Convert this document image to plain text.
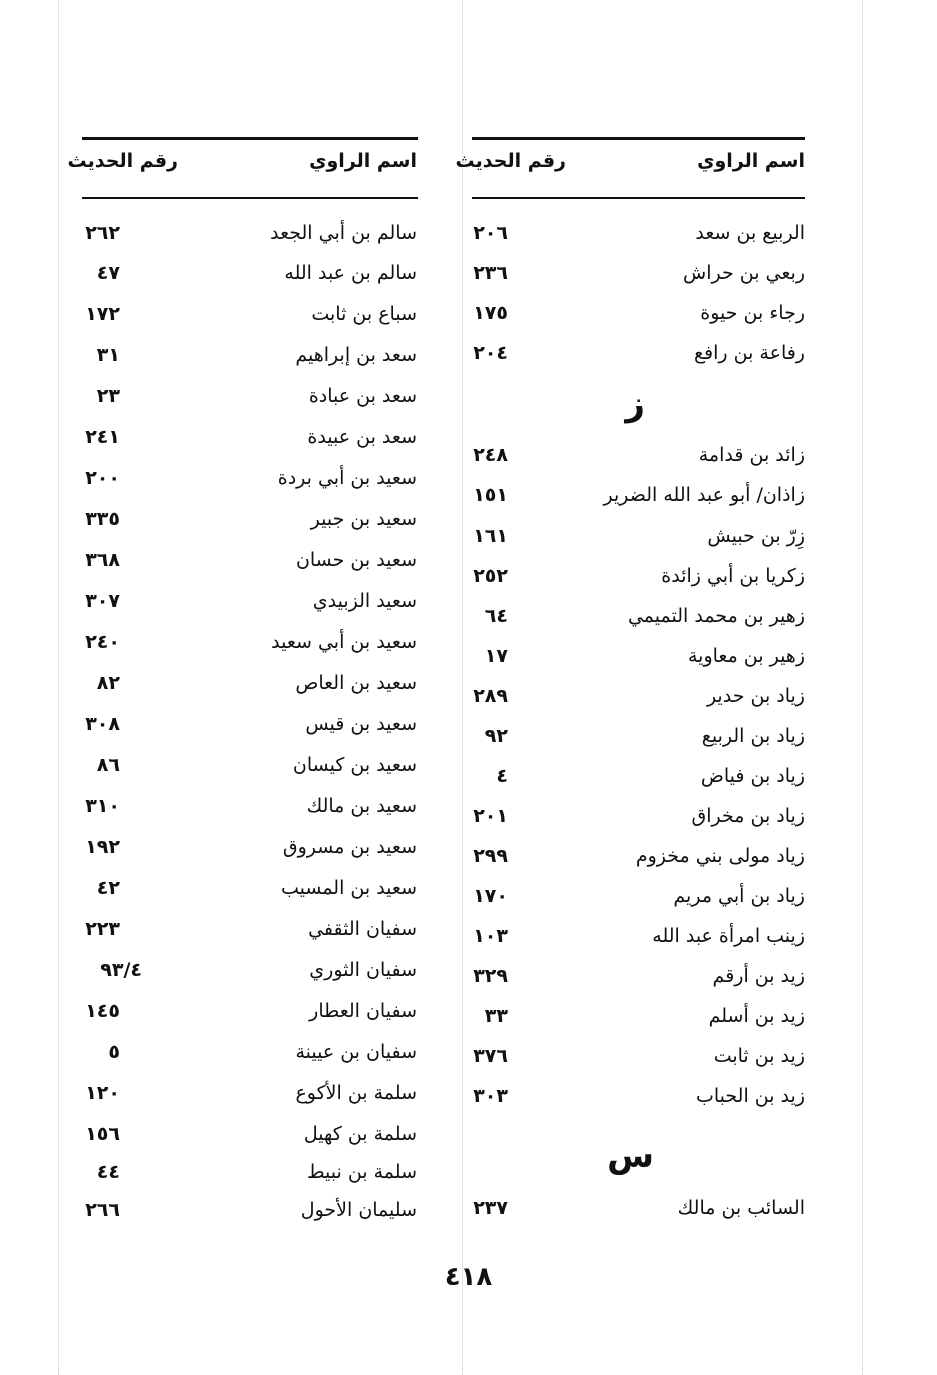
اسم الراوي
رقم الحديث
اسم الراوي
رقم الحديث
الربيع بن سعد
٢٠٦
ربعي بن حراش
٢٣٦
رجاء بن حيوة
١٧٥
رفاعة بن رافع
٢٠٤
ز
زائد بن قدامة
٢٤٨
زاذان/ أبو عبد الله الضرير
١٥١
زِرّ بن حبيش
١٦١
زكريا بن أبي زائدة
٢٥٢
زهير بن محمد التميمي
٦٤
زهير بن معاوية
١٧
زياد بن حدير
٢٨٩
زياد بن الربيع
٩٢
زياد بن فياض
٤
زياد بن مخراق
٢٠١
زياد مولى بني مخزوم
٢٩٩
زياد بن أبي مريم
١٧٠
زينب امرأة عبد الله
١٠٣
زيد بن أرقم
٣٢٩
زيد بن أسلم
٣٣
زيد بن ثابت
٣٧٦
زيد بن الحباب
٣٠٣
س
السائب بن مالك
٢٣٧
سالم بن أبي الجعد
٢٦٢
سالم بن عبد الله
٤٧
سباع بن ثابت
١٧٢
سعد بن إبراهيم
٣١
سعد بن عبادة
٢٣
سعد بن عبيدة
٢٤١
سعيد بن أبي بردة
٢٠٠
سعيد بن جبير
٣٣٥
سعيد بن حسان
٣٦٨
سعيد الزبيدي
٣٠٧
سعيد بن أبي سعيد
٢٤٠
سعيد بن العاص
٨٢
سعيد بن قيس
٣٠٨
سعيد بن كيسان
٨٦
سعيد بن مالك
٣١٠
سعيد بن مسروق
١٩٢
سعيد بن المسيب
٤٢
سفيان الثقفي
٢٢٣
سفيان الثوري
٩٣/٤
سفيان العطار
١٤٥
سفيان بن عيينة
٥
سلمة بن الأكوع
١٢٠
سلمة بن كهيل
١٥٦
سلمة بن نبيط
٤٤
سليمان الأحول
٢٦٦
٤١٨
